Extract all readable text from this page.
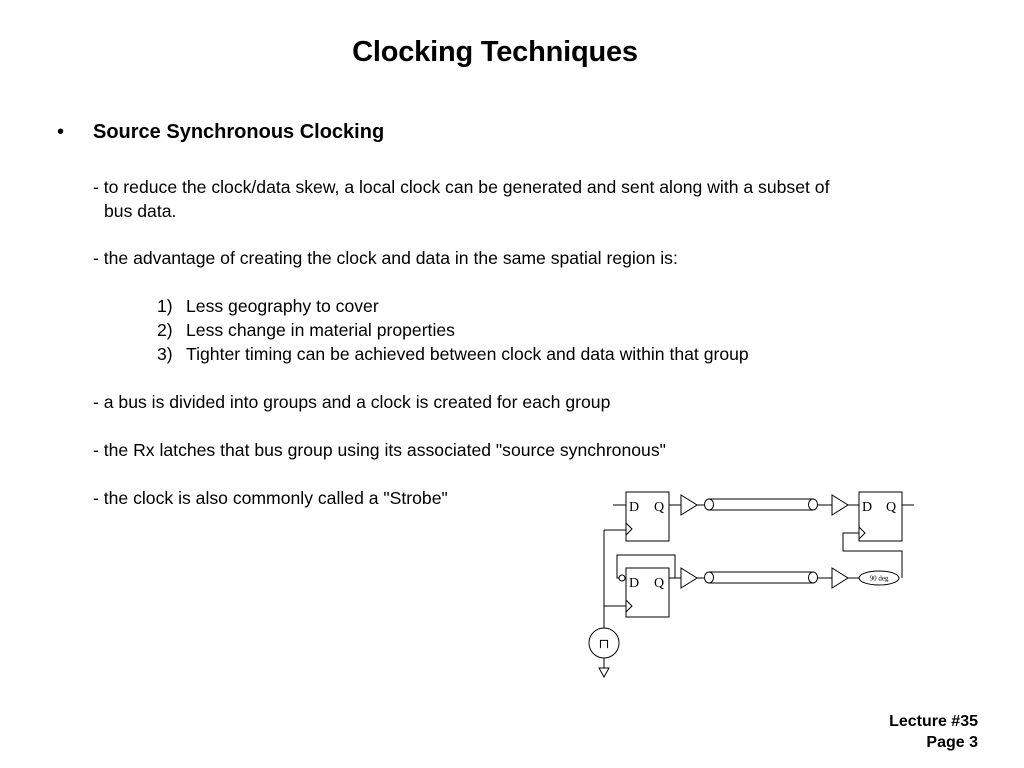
Clocking Techniques
• Source Synchronous Clocking
- to reduce the clock/data skew, a local clock can be generated and sent along with a subset of
bus data.
- the advantage of creating the clock and data in the same spatial region is:
1) Less geography to cover
2) Less change in material properties
3) Tighter timing can be achieved between clock and data within that group
- a bus is divided into groups and a clock is created for each group
- the Rx latches that bus group using its associated "source synchronous"
- the clock is also commonly called a "Strobe"
⊓
D Q	D Q
D Q	90 deg
Lecture #35
Page 3
